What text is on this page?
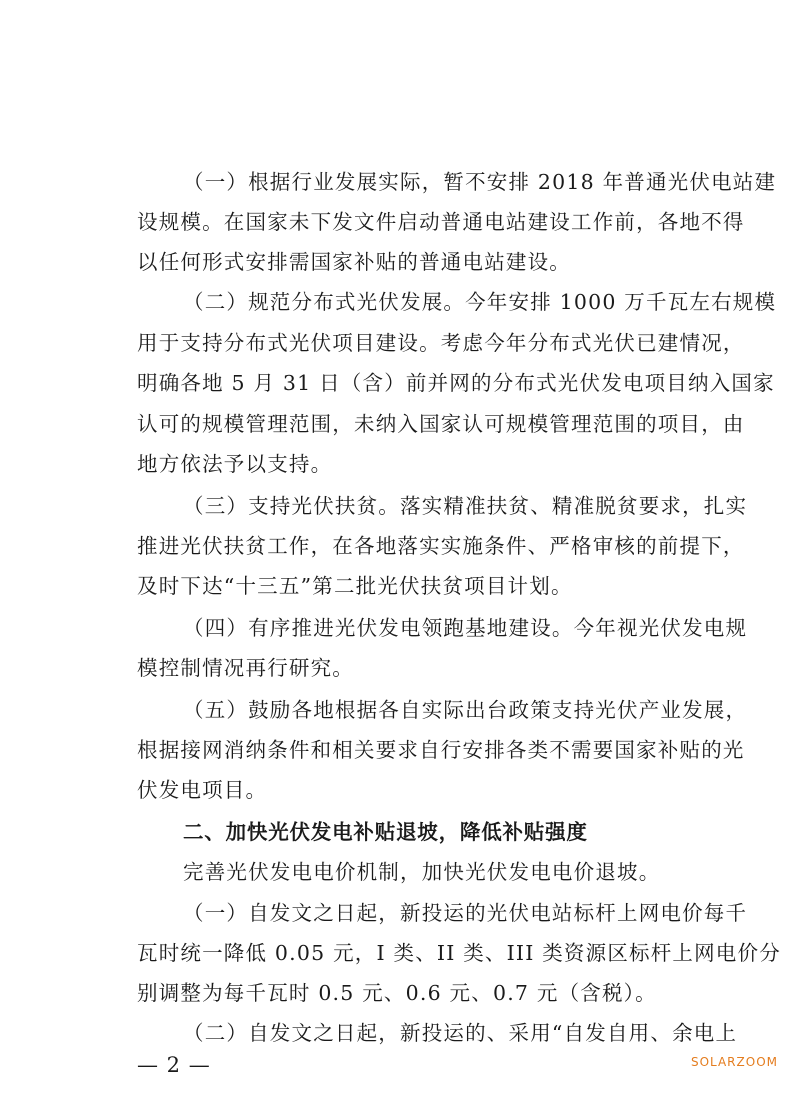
（一）根据行业发展实际，暂不安排 2018 年普通光伏电站建
设规模。在国家未下发文件启动普通电站建设工作前，各地不得
以任何形式安排需国家补贴的普通电站建设。
（二）规范分布式光伏发展。今年安排 1000 万千瓦左右规模
用于支持分布式光伏项目建设。考虑今年分布式光伏已建情况，
明确各地 5 月 31 日（含）前并网的分布式光伏发电项目纳入国家
认可的规模管理范围，未纳入国家认可规模管理范围的项目，由
地方依法予以支持。
（三）支持光伏扶贫。落实精准扶贫、精准脱贫要求，扎实
推进光伏扶贫工作，在各地落实实施条件、严格审核的前提下，
及时下达“十三五”第二批光伏扶贫项目计划。
（四）有序推进光伏发电领跑基地建设。今年视光伏发电规
模控制情况再行研究。
（五）鼓励各地根据各自实际出台政策支持光伏产业发展，
根据接网消纳条件和相关要求自行安排各类不需要国家补贴的光
伏发电项目。
二、加快光伏发电补贴退坡，降低补贴强度
完善光伏发电电价机制，加快光伏发电电价退坡。
（一）自发文之日起，新投运的光伏电站标杆上网电价每千
瓦时统一降低 0.05 元，I 类、II 类、III 类资源区标杆上网电价分
别调整为每千瓦时 0.5 元、0.6 元、0.7 元（含税）。
（二）自发文之日起，新投运的、采用“自发自用、余电上
— 2 —	SOLARZOOM
